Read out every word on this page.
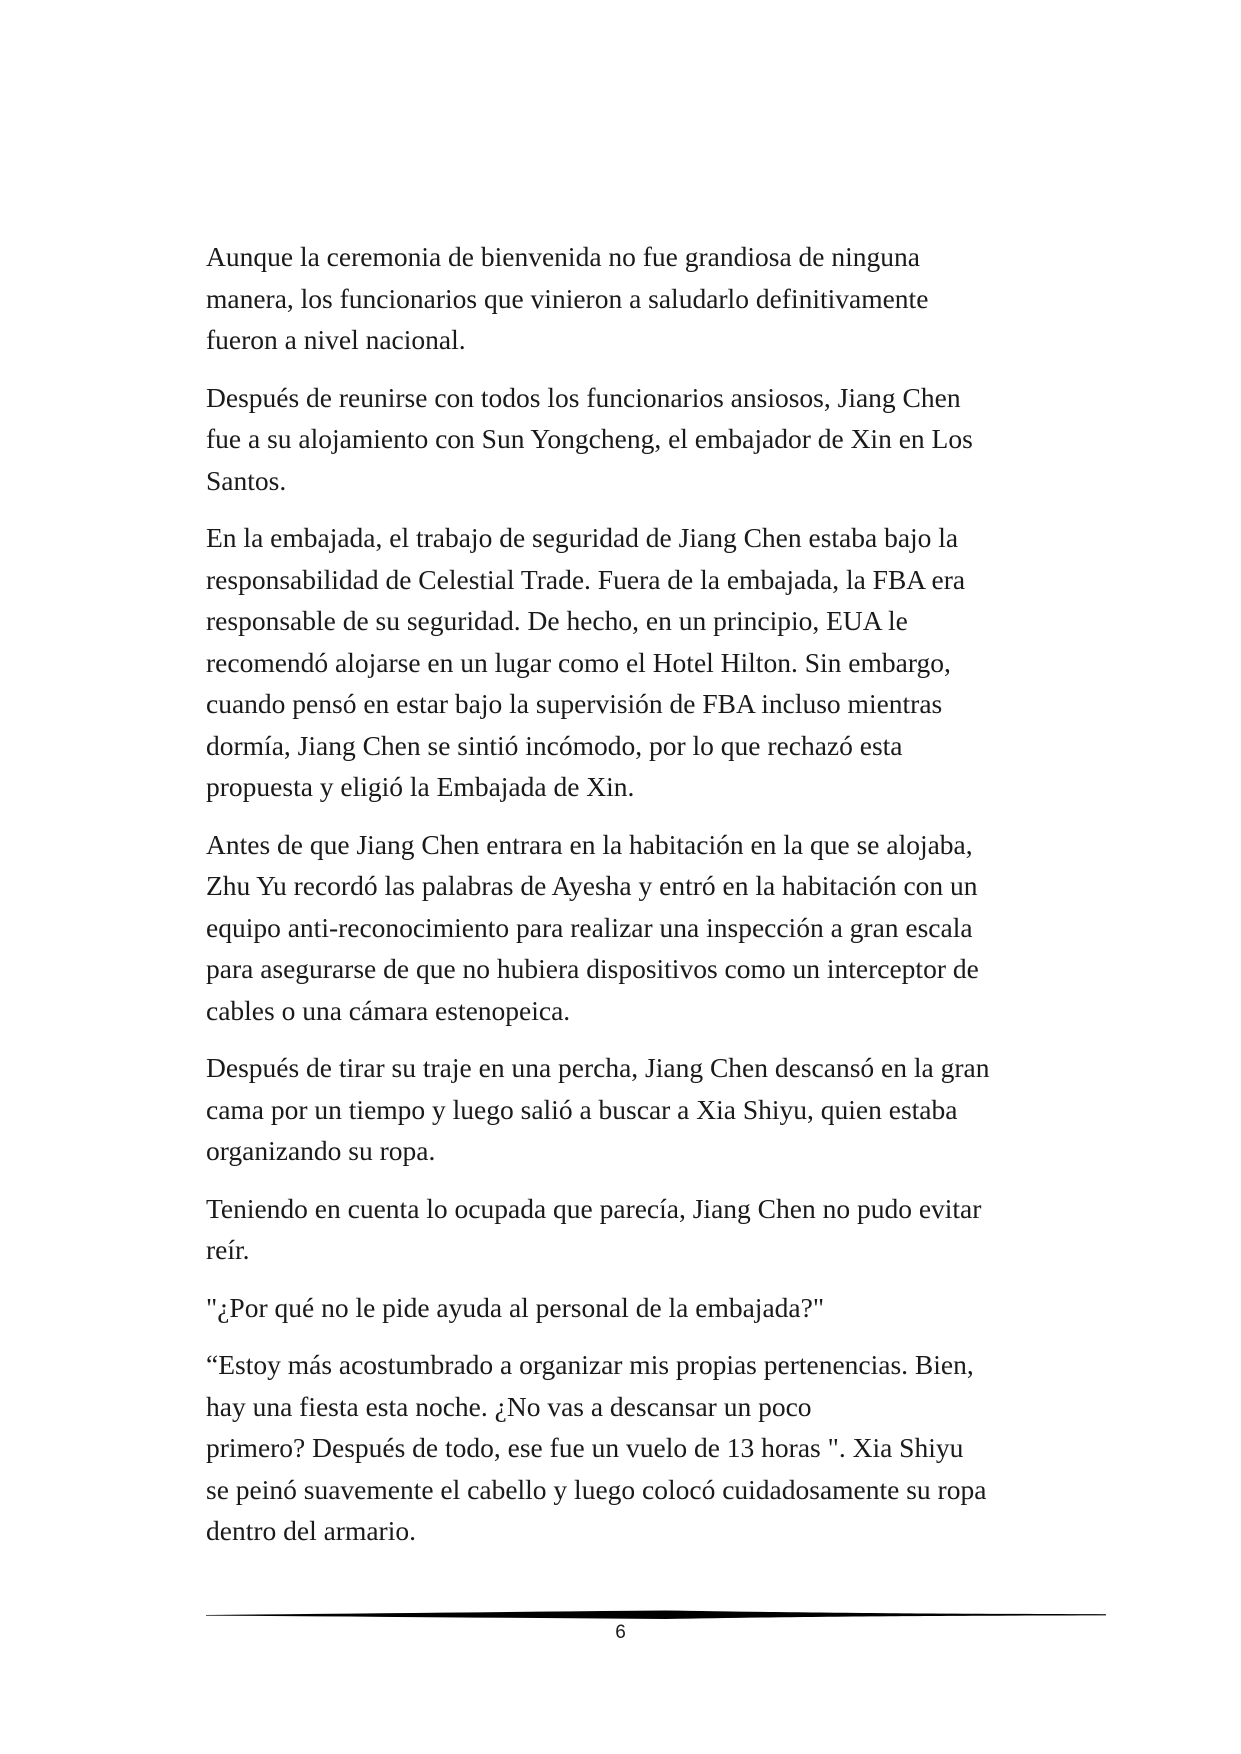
Aunque la ceremonia de bienvenida no fue grandiosa de ninguna
manera, los funcionarios que vinieron a saludarlo definitivamente
fueron a nivel nacional.

Después de reunirse con todos los funcionarios ansiosos, Jiang Chen
fue a su alojamiento con Sun Yongcheng, el embajador de Xin en Los
Santos.

En la embajada, el trabajo de seguridad de Jiang Chen estaba bajo la
responsabilidad de Celestial Trade. Fuera de la embajada, la FBA era
responsable de su seguridad. De hecho, en un principio, EUA le
recomendó alojarse en un lugar como el Hotel Hilton. Sin embargo,
cuando pensó en estar bajo la supervisión de FBA incluso mientras
dormía, Jiang Chen se sintió incómodo, por lo que rechazó esta
propuesta y eligió la Embajada de Xin.

Antes de que Jiang Chen entrara en la habitación en la que se alojaba,
Zhu Yu recordó las palabras de Ayesha y entró en la habitación con un
equipo anti-reconocimiento para realizar una inspección a gran escala
para asegurarse de que no hubiera dispositivos como un interceptor de
cables o una cámara estenopeica.

Después de tirar su traje en una percha, Jiang Chen descansó en la gran
cama por un tiempo y luego salió a buscar a Xia Shiyu, quien estaba
organizando su ropa.

Teniendo en cuenta lo ocupada que parecía, Jiang Chen no pudo evitar
reír.

"¿Por qué no le pide ayuda al personal de la embajada?"

“Estoy más acostumbrado a organizar mis propias pertenencias. Bien,
hay una fiesta esta noche. ¿No vas a descansar un poco
primero? Después de todo, ese fue un vuelo de 13 horas ". Xia Shiyu
se peinó suavemente el cabello y luego colocó cuidadosamente su ropa
dentro del armario.

6
